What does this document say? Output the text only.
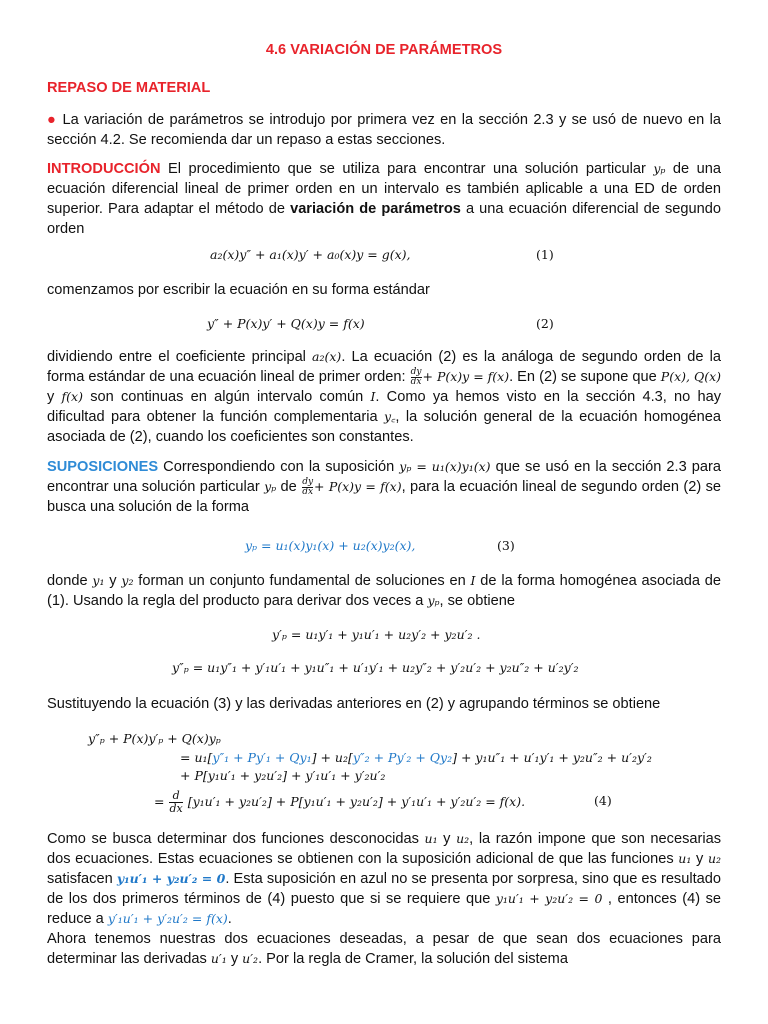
4.6 VARIACIÓN DE PARÁMETROS

REPASO DE MATERIAL

● La variación de parámetros se introdujo por primera vez en la sección 2.3 y se usó de nuevo en la sección 4.2. Se recomienda dar un repaso a estas secciones.

INTRODUCCIÓN El procedimiento que se utiliza para encontrar una solución particular yₚ de una ecuación diferencial lineal de primer orden en un intervalo es también aplicable a una ED de orden superior. Para adaptar el método de variación de parámetros a una ecuación diferencial de segundo orden

a₂(x)y″ + a₁(x)y′ + a₀(x)y = g(x),	(1)

comenzamos por escribir la ecuación en su forma estándar

y″ + P(x)y′ + Q(x)y = f(x)	(2)

dividiendo entre el coeficiente principal a₂(x). La ecuación (2) es la análoga de segundo orden de la forma estándar de una ecuación lineal de primer orden: $\frac{dy}{dx} + P(x)y = f(x)$. En (2) se supone que P(x), Q(x) y f(x) son continuas en algún intervalo común I. Como ya hemos visto en la sección 4.3, no hay dificultad para obtener la función complementaria y꜀, la solución general de la ecuación homogénea asociada de (2), cuando los coeficientes son constantes.

SUPOSICIONES Correspondiendo con la suposición yₚ = u₁(x)y₁(x) que se usó en la sección 2.3 para encontrar una solución particular yₚ de $\frac{dy}{dx} + P(x)y = f(x)$, para la ecuación lineal de segundo orden (2) se busca una solución de la forma

yₚ = u₁(x)y₁(x) + u₂(x)y₂(x),	(3)

donde y₁ y y₂ forman un conjunto fundamental de soluciones en I de la forma homogénea asociada de (1). Usando la regla del producto para derivar dos veces a yₚ, se obtiene

y′ₚ = u₁y′₁ + y₁u′₁ + u₂y′₂ + y₂u′₂ .
y″ₚ = u₁y″₁ + y′₁u′₁ + y₁u″₁ + u′₁y′₁ + u₂y″₂ + y′₂u′₂ + y₂u″₂ + u′₂y′₂

Sustituyendo la ecuación (3) y las derivadas anteriores en (2) y agrupando términos se obtiene

y″ₚ + P(x)y′ₚ + Q(x)yₚ
= u₁[y″₁ + Py′₁ + Qy₁] + u₂[y″₂ + Py′₂ + Qy₂] + y₁u″₁ + u′₁y′₁ + y₂u″₂ + u′₂y′₂
+ P[y₁u′₁ + y₂u′₂] + y′₁u′₁ + y′₂u′₂
= $\frac{d}{dx} [y_1u'_1 + y_2u'_2] + P[y_1u'_1 + y_2u'_2] + y'_1u'_1 + y'_2u'_2 = f(x)$.	(4)

Como se busca determinar dos funciones desconocidas u₁ y u₂, la razón impone que son necesarias dos ecuaciones. Estas ecuaciones se obtienen con la suposición adicional de que las funciones u₁ y u₂ satisfacen y₁u′₁ + y₂u′₂ = 0. Esta suposición en azul no se presenta por sorpresa, sino que es resultado de los dos primeros términos de (4) puesto que si se requiere que y₁u′₁ + y₂u′₂ = 0 , entonces (4) se reduce a y′₁u′₁ + y′₂u′₂ = f(x).
Ahora tenemos nuestras dos ecuaciones deseadas, a pesar de que sean dos ecuaciones para determinar las derivadas u′₁ y u′₂. Por la regla de Cramer, la solución del sistema
